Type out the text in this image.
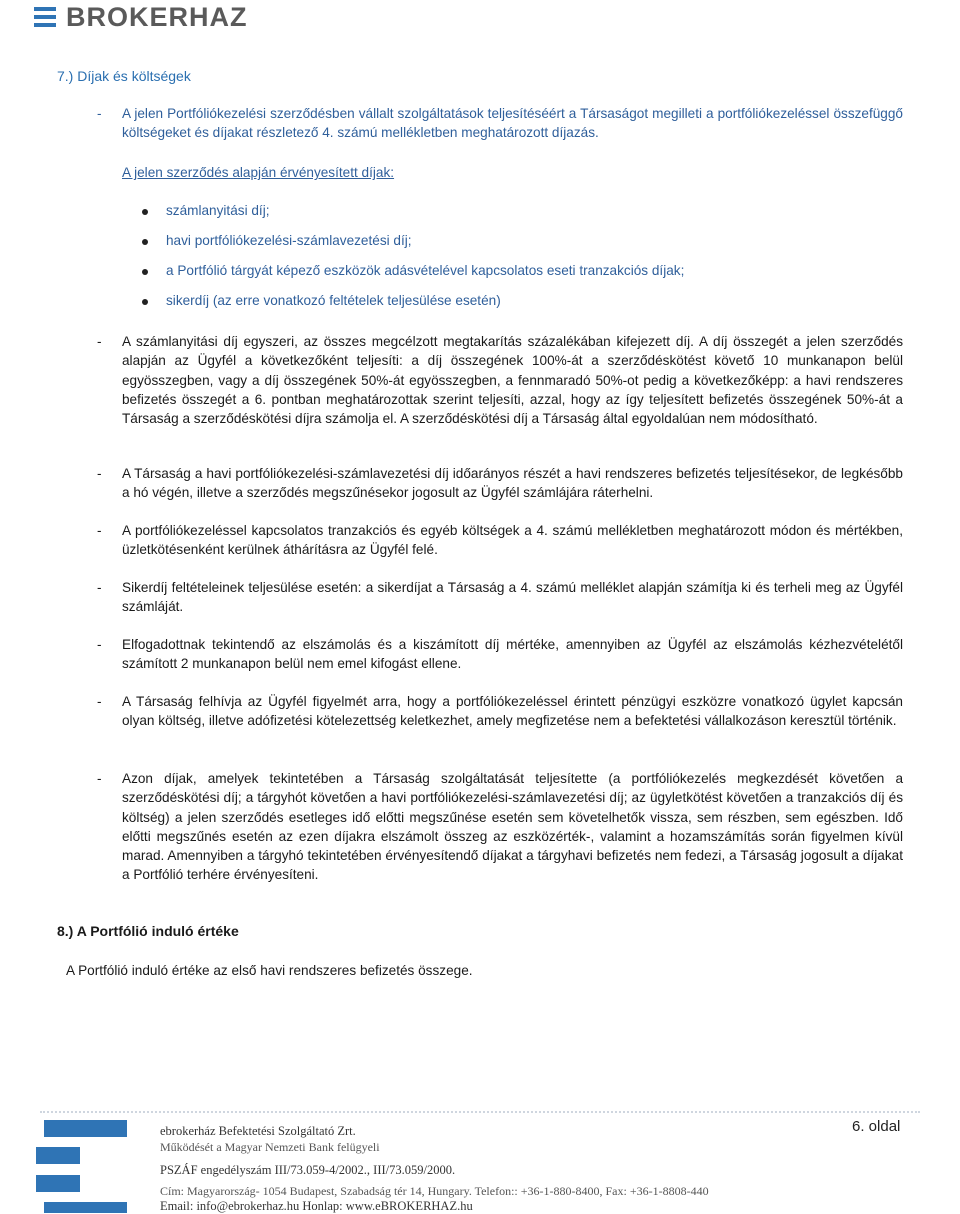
BROKERHAZ
7.) Díjak és költségek
-	A jelen Portfóliókezelési szerződésben vállalt szolgáltatások teljesítéséért a Társaságot megilleti a portfóliókezeléssel összefüggő költségeket és díjakat részletező 4. számú mellékletben meghatározott díjazás.
A jelen szerződés alapján érvényesített díjak:
számlanyitási díj;
havi portfóliókezelési-számlavezetési díj;
a Portfólió tárgyát képező eszközök adásvételével kapcsolatos eseti tranzakciós díjak;
sikerdíj (az erre vonatkozó feltételek teljesülése esetén)
-	A számlanyitási díj egyszeri, az összes megcélzott megtakarítás százalékában kifejezett díj. A díj összegét a jelen szerződés alapján az Ügyfél a következőként teljesíti: a díj összegének 100%-át a szerződéskötést követő 10 munkanapon belül egyösszegben, vagy a díj összegének 50%-át egyösszegben, a fennmaradó 50%-ot pedig a következőképp: a havi rendszeres befizetés összegét a 6. pontban meghatározottak szerint teljesíti, azzal, hogy az így teljesített befizetés összegének 50%-át a Társaság a szerződéskötési díjra számolja el. A szerződéskötési díj a Társaság által egyoldalúan nem módosítható.
-	A Társaság a havi portfóliókezelési-számlavezetési díj időarányos részét a havi rendszeres befizetés teljesítésekor, de legkésőbb a hó végén, illetve a szerződés megszűnésekor jogosult az Ügyfél számlájára ráterhelni.
-	A portfóliókezeléssel kapcsolatos tranzakciós és egyéb költségek a 4. számú mellékletben meghatározott módon és mértékben, üzletkötésenként kerülnek áthárításra az Ügyfél felé.
-	Sikerdíj feltételeinek teljesülése esetén: a sikerdíjat a Társaság a 4. számú melléklet alapján számítja ki és terheli meg az Ügyfél számláját.
-	Elfogadottnak tekintendő az elszámolás és a kiszámított díj mértéke, amennyiben az Ügyfél az elszámolás kézhezvételétől számított 2 munkanapon belül nem emel kifogást ellene.
-	A Társaság felhívja az Ügyfél figyelmét arra, hogy a portfóliókezeléssel érintett pénzügyi eszközre vonatkozó ügylet kapcsán olyan költség, illetve adófizetési kötelezettség keletkezhet, amely megfizetése nem a befektetési vállalkozáson keresztül történik.
-	Azon díjak, amelyek tekintetében a Társaság szolgáltatását teljesítette (a portfóliókezelés megkezdését követően a szerződéskötési díj; a tárgyhót követően a havi portfóliókezelési-számlavezetési díj; az ügyletkötést követően a tranzakciós díj és költség) a jelen szerződés esetleges idő előtti megszűnése esetén sem követelhetők vissza, sem részben, sem egészben. Idő előtti megszűnés esetén az ezen díjakra elszámolt összeg az eszközérték-, valamint a hozamszámítás során figyelmen kívül marad. Amennyiben a tárgyhó tekintetében érvényesítendő díjakat a tárgyhavi befizetés nem fedezi, a Társaság jogosult a díjakat a Portfólió terhére érvényesíteni.
8.) A Portfólió induló értéke
A Portfólió induló értéke az első havi rendszeres befizetés összege.
ebrokerház Befektetési Szolgáltató Zrt.
Működését a Magyar Nemzeti Bank felügyeli
PSZÁF engedélyszám III/73.059-4/2002., III/73.059/2000.
Cím: Magyarország- 1054 Budapest, Szabadság tér 14, Hungary. Telefon:: +36-1-880-8400, Fax: +36-1-8808-440
Email: info@ebrokerhaz.hu Honlap: www.eBROKERHAZ.hu
6. oldal
